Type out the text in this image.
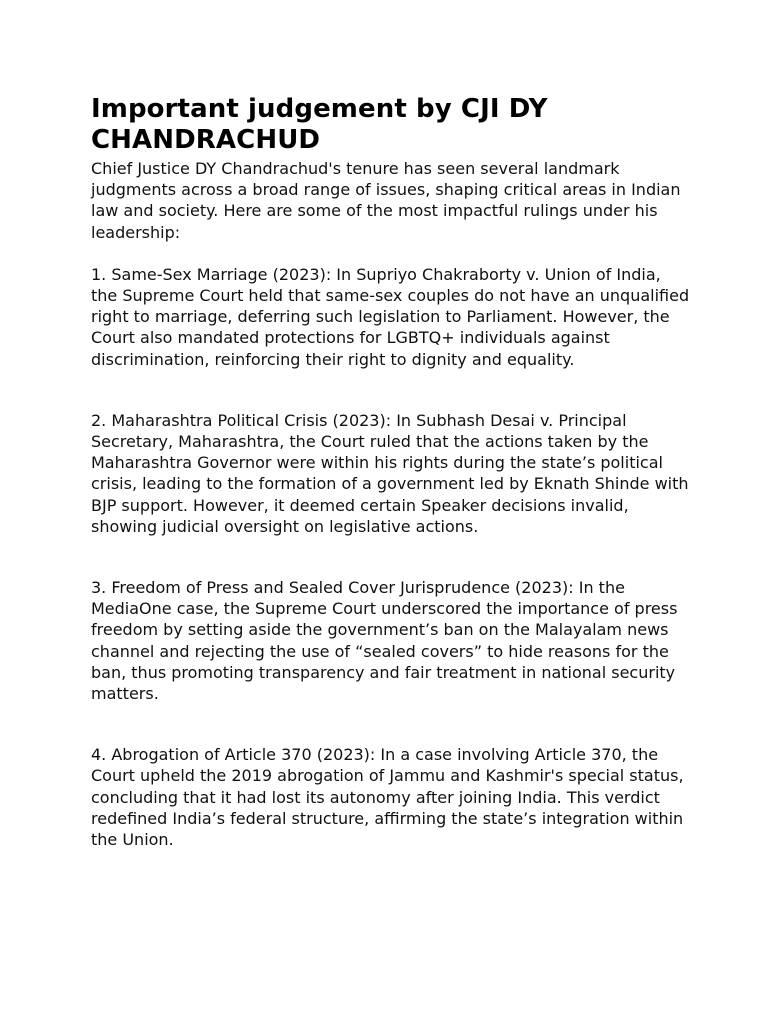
Important judgement by CJI DY
CHANDRACHUD

Chief Justice DY Chandrachud's tenure has seen several landmark judgments across a broad range of issues, shaping critical areas in Indian law and society. Here are some of the most impactful rulings under his leadership:

1. Same-Sex Marriage (2023): In Supriyo Chakraborty v. Union of India, the Supreme Court held that same-sex couples do not have an unqualified right to marriage, deferring such legislation to Parliament. However, the Court also mandated protections for LGBTQ+ individuals against discrimination, reinforcing their right to dignity and equality.

2. Maharashtra Political Crisis (2023): In Subhash Desai v. Principal Secretary, Maharashtra, the Court ruled that the actions taken by the Maharashtra Governor were within his rights during the state’s political crisis, leading to the formation of a government led by Eknath Shinde with BJP support. However, it deemed certain Speaker decisions invalid, showing judicial oversight on legislative actions.

3. Freedom of Press and Sealed Cover Jurisprudence (2023): In the MediaOne case, the Supreme Court underscored the importance of press freedom by setting aside the government’s ban on the Malayalam news channel and rejecting the use of “sealed covers” to hide reasons for the ban, thus promoting transparency and fair treatment in national security matters.

4. Abrogation of Article 370 (2023): In a case involving Article 370, the Court upheld the 2019 abrogation of Jammu and Kashmir's special status, concluding that it had lost its autonomy after joining India. This verdict redefined India’s federal structure, affirming the state’s integration within the Union.
